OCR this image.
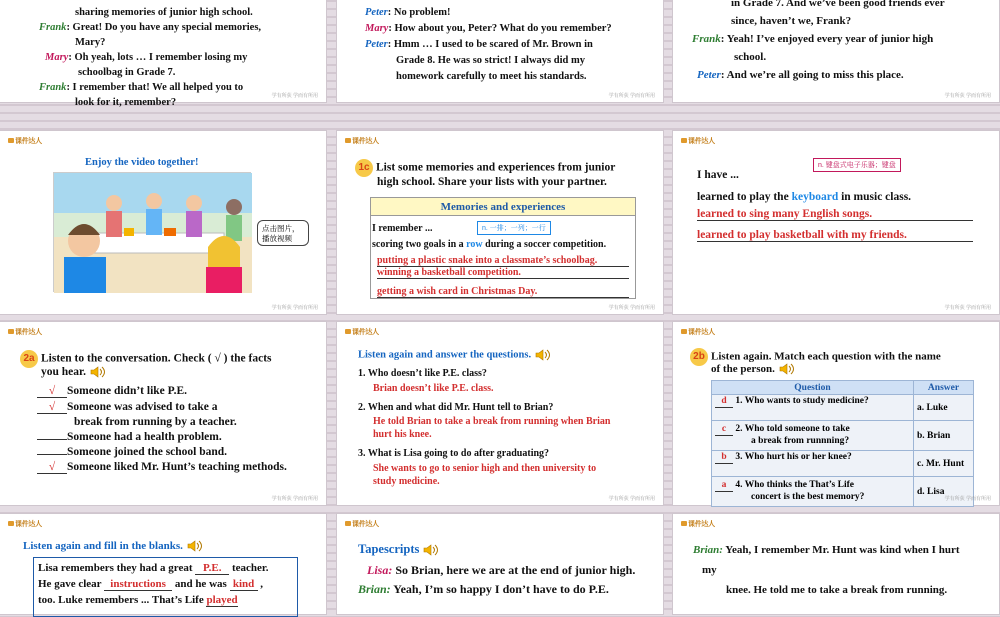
sharing memories of junior high school.
Frank: Great! Do you have any special memories,
Mary?
Mary: Oh yeah, lots … I remember losing my
schoolbag in Grade 7.
Frank: I remember that! We all helped you to
look for it, remember?
学有所获 学而有所用
Peter: No problem!
Mary: How about you, Peter? What do you remember?
Peter: Hmm … I used to be scared of Mr. Brown in
Grade 8. He was so strict! I always did my
homework carefully to meet his standards.
学有所获 学而有所用
in Grade 7. And we’ve been good friends ever
since, haven’t we, Frank?
Frank: Yeah! I’ve enjoyed every year of junior high
school.
Peter: And we’re all going to miss this place.
学有所获 学而有所用
课件达人
Enjoy the video together!
点击图片，播放视频
学有所获 学而有所用
课件达人
1c List some memories and experiences from junior
high school. Share your lists with your partner.
Memories and experiences
I remember ...
scoring two goals in a row during a soccer competition.
putting a plastic snake into a classmate’s schoolbag.
winning a basketball competition.
getting a wish card in Christmas Day.
n. 一排；一列；一行
学有所获 学而有所用
课件达人
n. 键盘式电子乐器；键盘
I have ...
learned to play the keyboard in music class.
learned to sing many English songs.
learned to play basketball with my friends.
学有所获 学而有所用
课件达人
2a Listen to the conversation. Check ( √ ) the facts
you hear.
√ Someone didn’t like P.E.
√ Someone was advised to take a
break from running by a teacher.
Someone had a health problem.
Someone joined the school band.
√ Someone liked Mr. Hunt’s teaching methods.
学有所获 学而有所用
课件达人
Listen again and answer the questions.
1. Who doesn’t like P.E. class?
Brian doesn’t like P.E. class.
2. When and what did Mr. Hunt tell to Brian?
He told Brian to take a break from running when Brian
hurt his knee.
3. What is Lisa going to do after graduating?
She wants to go to senior high and then university to
study medicine.
学有所获 学而有所用
课件达人
2b Listen again. Match each question with the name
of the person.
Question	Answer
d 1. Who wants to study medicine?	a. Luke
c 2. Who told someone to take
a break from runnning?	b. Brian
b 3. Who hurt his or her knee?	c. Mr. Hunt
a 4. Who thinks the That’s Life
concert is the best memory?	d. Lisa
学有所获 学而有所用
课件达人
Listen again and fill in the blanks.
Lisa remembers they had a great P.E. teacher.
He gave clear instructions and he was kind ,
too. Luke remembers ... That’s Life played
课件达人
Tapescripts
Lisa: So Brian, here we are at the end of junior high.
Brian: Yeah, I’m so happy I don’t have to do P.E.
课件达人
Brian: Yeah, I remember Mr. Hunt was kind when I hurt
my
knee. He told me to take a break from running.
